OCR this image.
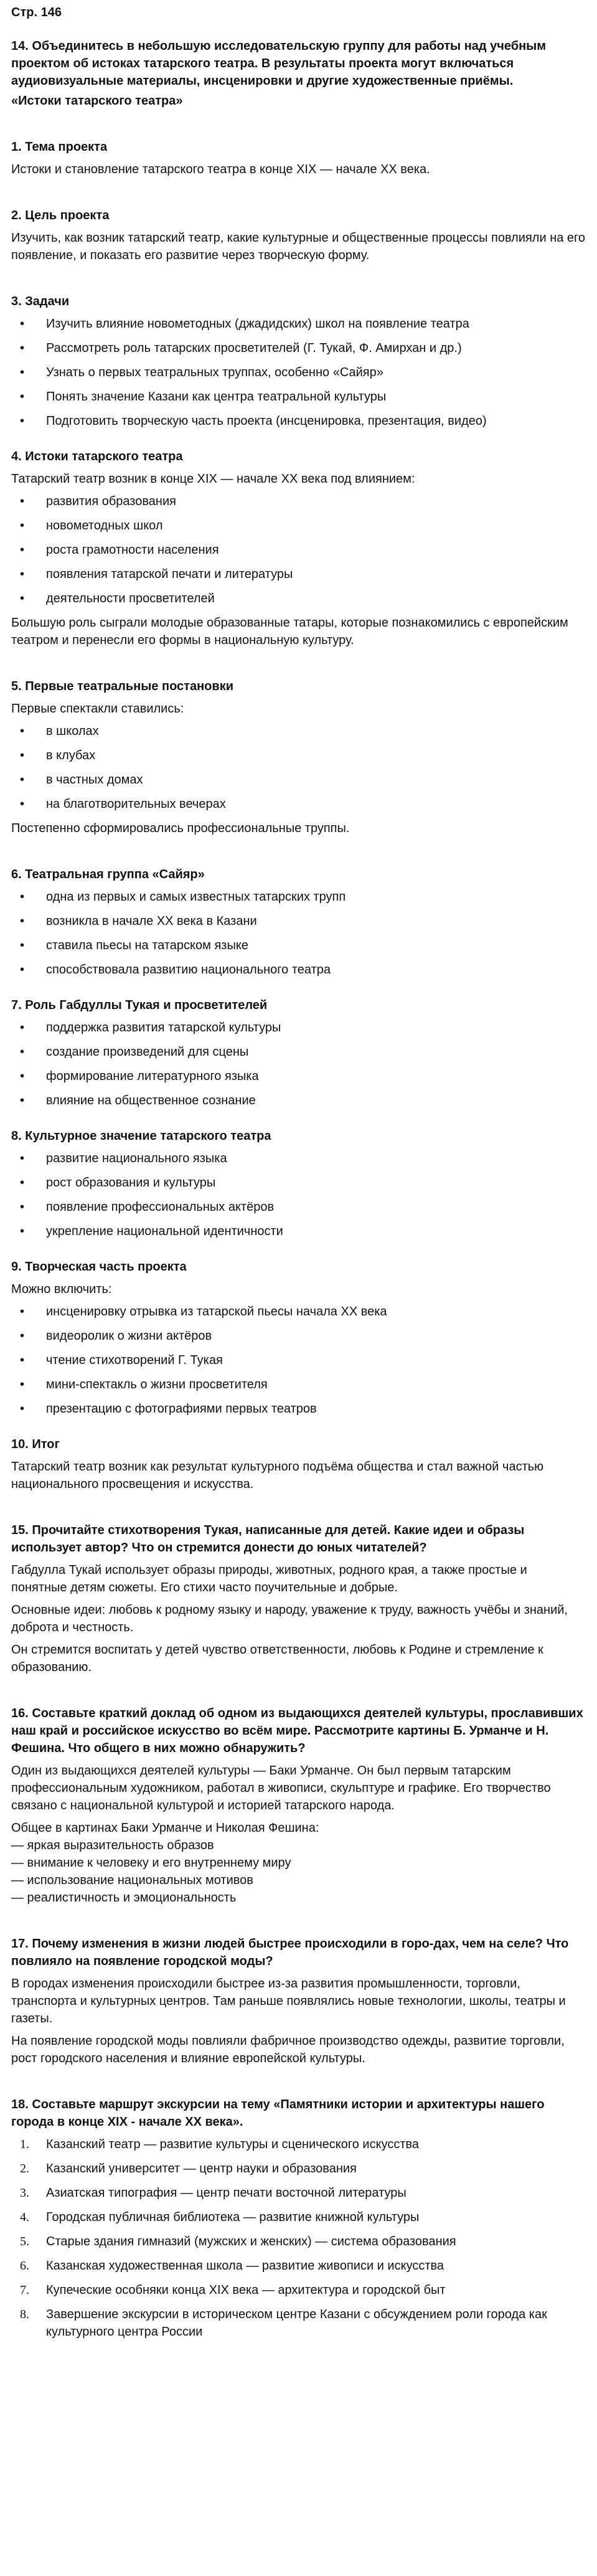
Стр. 146

14. Объединитесь в небольшую исследовательскую группу для работы над учебным проектом об истоках татарского театра. В результаты проекта могут включаться аудиовизуальные материалы, инсценировки и другие художественные приёмы.

«Истоки татарского театра»

1. Тема проекта

Истоки и становление татарского театра в конце XIX — начале XX века.

2. Цель проекта

Изучить, как возник татарский театр, какие культурные и общественные процессы повлияли на его появление, и показать его развитие через творческую форму.

3. Задачи
• Изучить влияние новометодных (джадидских) школ на появление театра
• Рассмотреть роль татарских просветителей (Г. Тукай, Ф. Амирхан и др.)
• Узнать о первых театральных труппах, особенно «Сайяр»
• Понять значение Казани как центра театральной культуры
• Подготовить творческую часть проекта (инсценировка, презентация, видео)
4. Истоки татарского театра

Татарский театр возник в конце XIX — начале XX века под влиянием:

• развития образования
• новометодных школ
• роста грамотности населения
• появления татарской печати и литературы
• деятельности просветителей

Большую роль сыграли молодые образованные татары, которые познакомились с европейским театром и перенесли его формы в национальную культуру.

5. Первые театральные постановки

Первые спектакли ставились:

• в школах
• в клубах
• в частных домах
• на благотворительных вечерах

Постепенно сформировались профессиональные труппы.

6. Театральная группа «Сайяр»
• одна из первых и самых известных татарских трупп
• возникла в начале XX века в Казани
• ставила пьесы на татарском языке
• способствовала развитию национального театра
7. Роль Габдуллы Тукая и просветителей
• поддержка развития татарской культуры
• создание произведений для сцены
• формирование литературного языка
• влияние на общественное сознание
8. Культурное значение татарского театра
• развитие национального языка
• рост образования и культуры
• появление профессиональных актёров
• укрепление национальной идентичности
9. Творческая часть проекта

Можно включить:

• инсценировку отрывка из татарской пьесы начала XX века
• видеоролик о жизни актёров
• чтение стихотворений Г. Тукая
• мини-спектакль о жизни просветителя
• презентацию с фотографиями первых театров
10. Итог

Татарский театр возник как результат культурного подъёма общества и стал важной частью национального просвещения и искусства.

15. Прочитайте стихотворения Тукая, написанные для детей. Какие идеи и образы использует автор? Что он стремится донести до юных читателей?

Габдулла Тукай использует образы природы, животных, родного края, а также простые и понятные детям сюжеты. Его стихи часто поучительные и добрые.

Основные идеи: любовь к родному языку и народу, уважение к труду, важность учёбы и знаний, доброта и честность.

Он стремится воспитать у детей чувство ответственности, любовь к Родине и стремление к образованию.

16. Составьте краткий доклад об одном из выдающихся деятелей культуры, прославивших наш край и российское искусство во всём мире. Рассмотрите картины Б. Урманче и Н. Фешина. Что общего в них можно обнаружить?

Один из выдающихся деятелей культуры — Баки Урманче. Он был первым татарским профессиональным художником, работал в живописи, скульптуре и графике. Его творчество связано с национальной культурой и историей татарского народа.

Общее в картинах Баки Урманче и Николая Фешина:

— яркая выразительность образов

— внимание к человеку и его внутреннему миру

— использование национальных мотивов

— реалистичность и эмоциональность

17. Почему изменения в жизни людей быстрее происходили в горо-дах, чем на селе? Что повлияло на появление городской моды?

В городах изменения происходили быстрее из-за развития промышленности, торговли, транспорта и культурных центров. Там раньше появлялись новые технологии, школы, театры и газеты.

На появление городской моды повлияли фабричное производство одежды, развитие торговли, рост городского населения и влияние европейской культуры.

18. Составьте маршрут экскурсии на тему «Памятники истории и архитектуры нашего города в конце XIX - начале XX века».

1. Казанский театр — развитие культуры и сценического искусства
2. Казанский университет — центр науки и образования
3. Азиатская типография — центр печати восточной литературы
4. Городская публичная библиотека — развитие книжной культуры
5. Старые здания гимназий (мужских и женских) — система образования
6. Казанская художественная школа — развитие живописи и искусства
7. Купеческие особняки конца XIX века — архитектура и городской быт
8. Завершение экскурсии в историческом центре Казани с обсуждением роли города как культурного центра России
